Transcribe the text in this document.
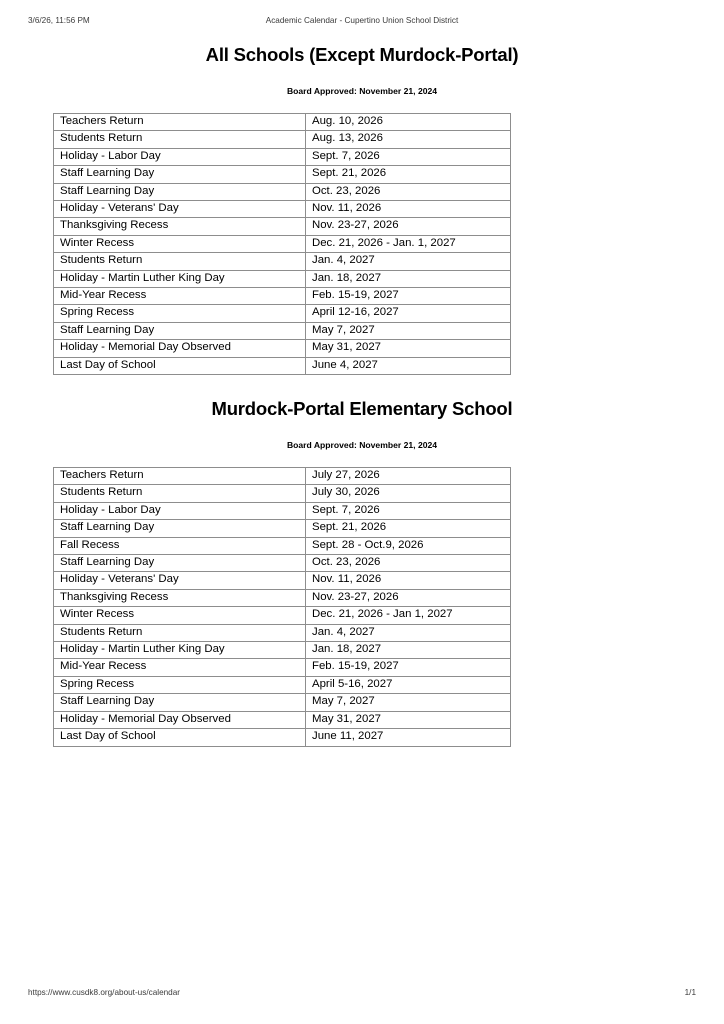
3/6/26, 11:56 PM	Academic Calendar - Cupertino Union School District
All Schools (Except Murdock-Portal)
Board Approved: November 21, 2024
Teachers Return	Aug. 10, 2026
Students Return	Aug. 13, 2026
Holiday - Labor Day	Sept. 7, 2026
Staff Learning Day	Sept. 21, 2026
Staff Learning Day	Oct. 23, 2026
Holiday - Veterans' Day	Nov. 11, 2026
Thanksgiving Recess	Nov. 23-27, 2026
Winter Recess	Dec. 21, 2026 - Jan. 1, 2027
Students Return	Jan. 4, 2027
Holiday - Martin Luther King Day	Jan. 18, 2027
Mid-Year Recess	Feb. 15-19, 2027
Spring Recess	April 12-16, 2027
Staff Learning Day	May 7, 2027
Holiday - Memorial Day Observed	May 31, 2027
Last Day of School	June 4, 2027
Murdock-Portal Elementary School
Board Approved: November 21, 2024
Teachers Return	July 27, 2026
Students Return	July 30, 2026
Holiday - Labor Day	Sept. 7, 2026
Staff Learning Day	Sept. 21, 2026
Fall Recess	Sept. 28 - Oct.9, 2026
Staff Learning Day	Oct. 23, 2026
Holiday - Veterans' Day	Nov. 11, 2026
Thanksgiving Recess	Nov. 23-27, 2026
Winter Recess	Dec. 21, 2026 - Jan 1, 2027
Students Return	Jan. 4, 2027
Holiday - Martin Luther King Day	Jan. 18, 2027
Mid-Year Recess	Feb. 15-19, 2027
Spring Recess	April 5-16, 2027
Staff Learning Day	May 7, 2027
Holiday - Memorial Day Observed	May 31, 2027
Last Day of School	June 11, 2027
https://www.cusdk8.org/about-us/calendar	1/1
